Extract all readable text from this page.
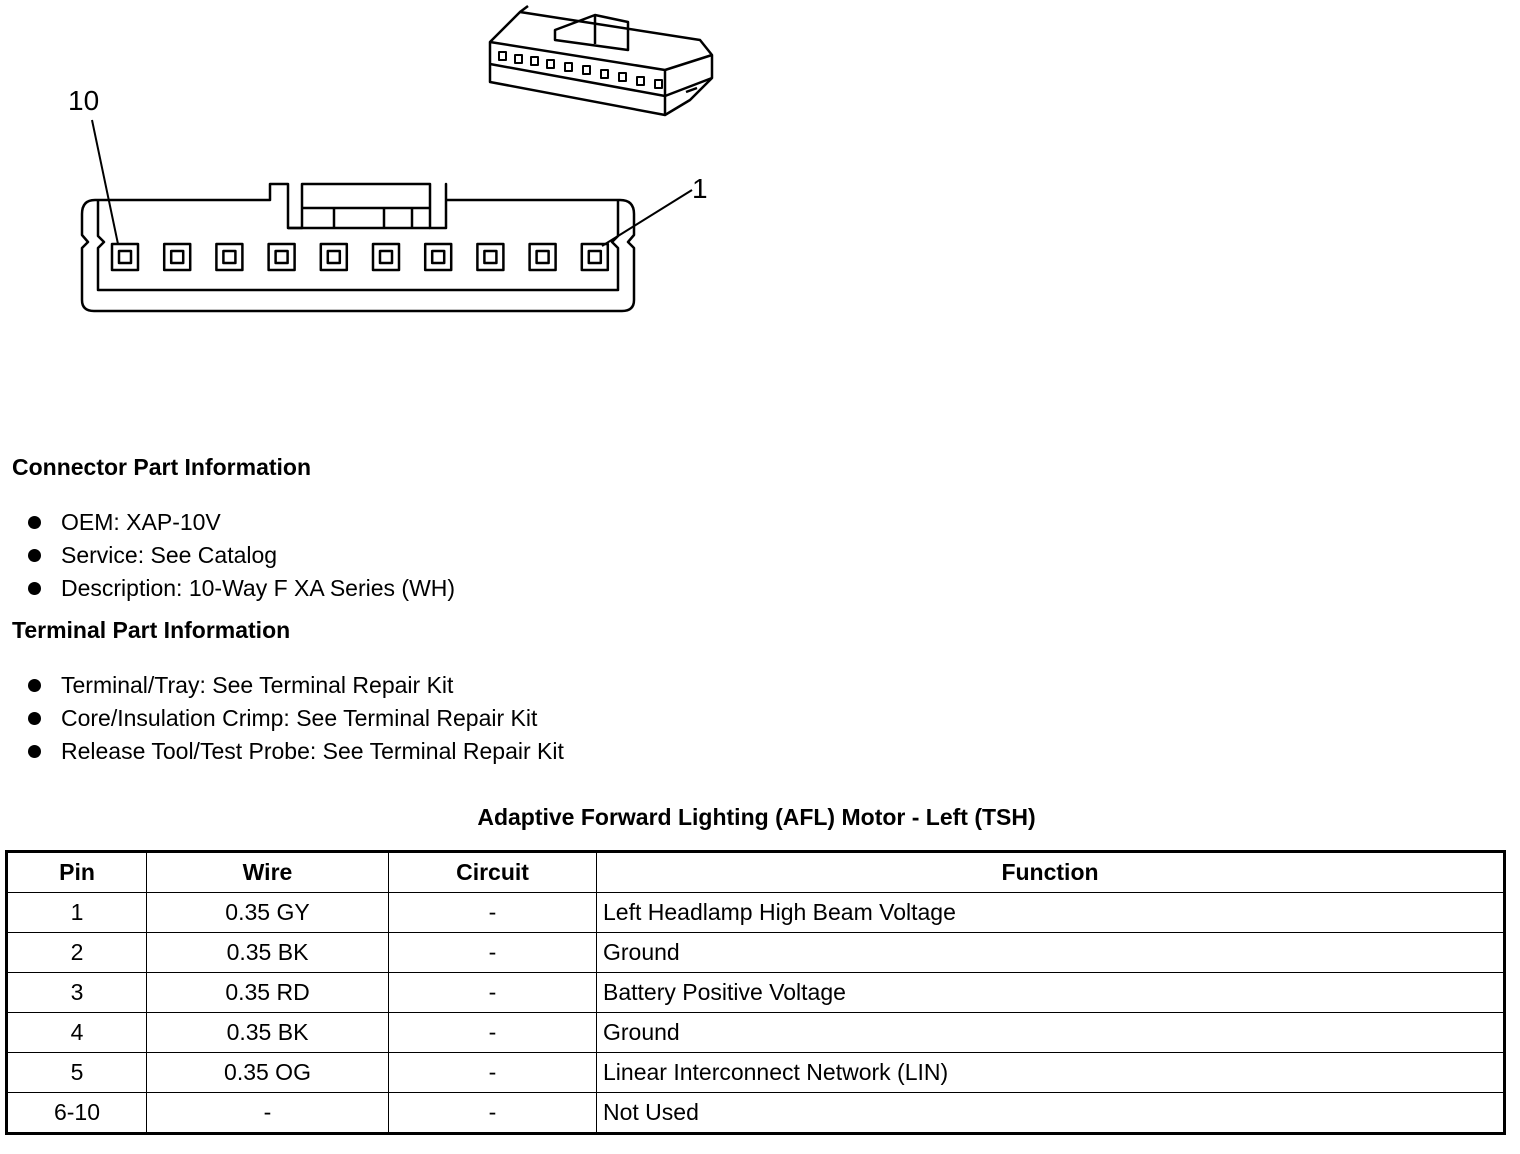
10
1
Connector Part Information
OEM: XAP-10V
Service: See Catalog
Description: 10-Way F XA Series (WH)
Terminal Part Information
Terminal/Tray: See Terminal Repair Kit
Core/Insulation Crimp: See Terminal Repair Kit
Release Tool/Test Probe: See Terminal Repair Kit
Adaptive Forward Lighting (AFL) Motor - Left (TSH)
Pin	Wire	Circuit	Function
1	0.35 GY	-	Left Headlamp High Beam Voltage
2	0.35 BK	-	Ground
3	0.35 RD	-	Battery Positive Voltage
4	0.35 BK	-	Ground
5	0.35 OG	-	Linear Interconnect Network (LIN)
6-10	-	-	Not Used
